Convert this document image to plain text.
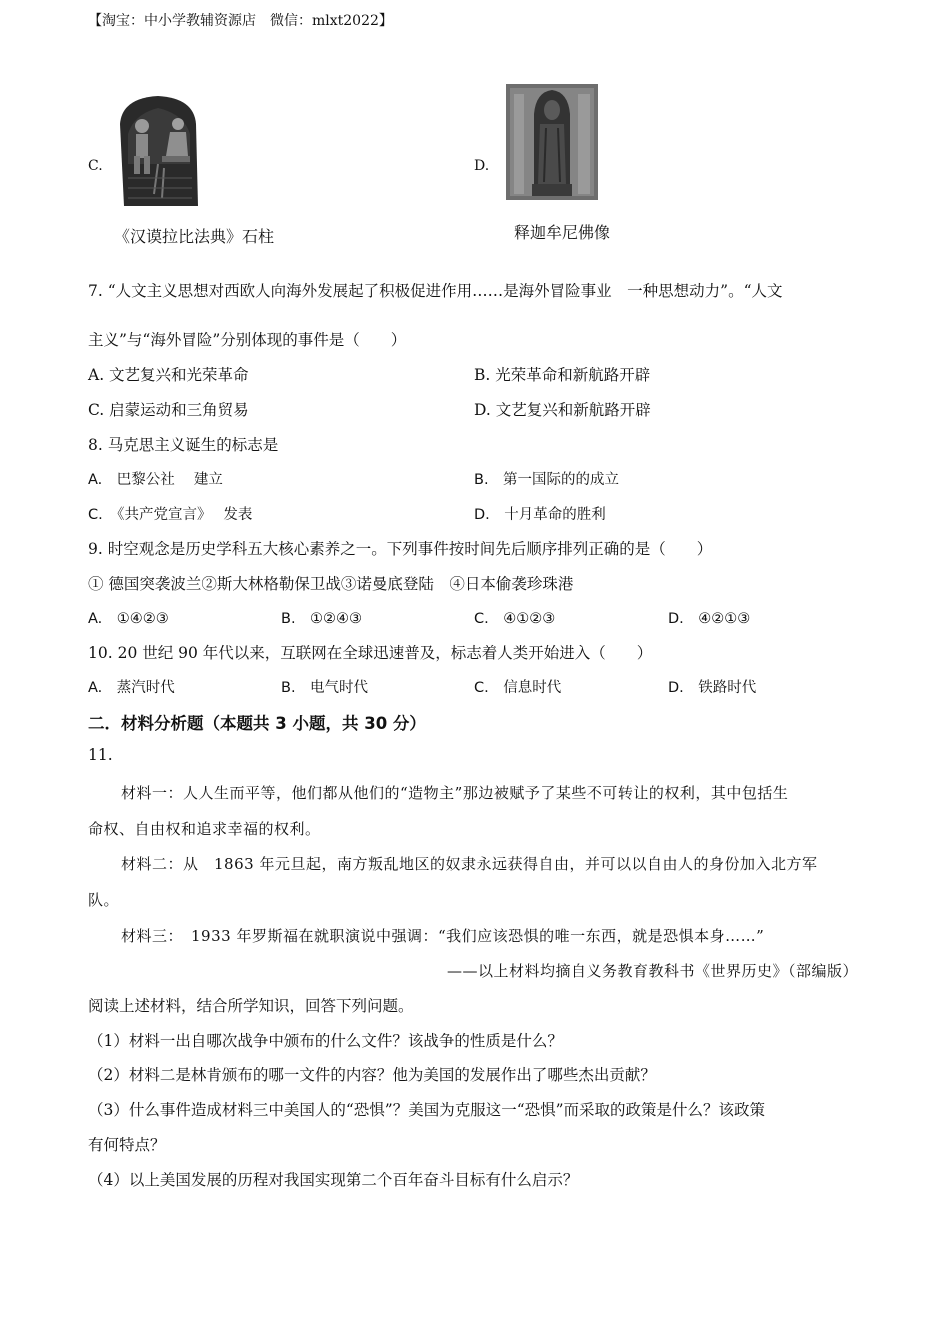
【淘宝：中小学教辅资源店　微信：mlxt2022】
C.
《汉谟拉比法典》石柱
D.
释迦牟尼佛像
7. “人文主义思想对西欧人向海外发展起了积极促进作用……是海外冒险事业　一种思想动力”。“人文
主义”与“海外冒险”分别体现的事件是（　　）
A. 文艺复兴和光荣革命	B. 光荣革命和新航路开辟
C. 启蒙运动和三角贸易	D. 文艺复兴和新航路开辟
8. 马克思主义诞生的标志是
A.　巴黎公社　 建立	B.　第一国际的的成立
C.　《共产党宣言》　 发表	D.　十月革命的胜利
9. 时空观念是历史学科五大核心素养之一。下列事件按时间先后顺序排列正确的是（　　）
① 德国突袭波兰②斯大林格勒保卫战③诺曼底登陆　④日本偷袭珍珠港
A.　①④②③	B.　①②④③	C.　④①②③	D.　④②①③
10. 20 世纪 90 年代以来，互联网在全球迅速普及，标志着人类开始进入（　　）
A.　蒸汽时代	B.　电气时代	C.　信息时代	D.　铁路时代
二．材料分析题（本题共 3 小题，共 30 分）
11.
材料一：人人生而平等，他们都从他们的“造物主”那边被赋予了某些不可转让的权利，其中包括生
命权、自由权和追求幸福的权利。
材料二：从　1863 年元旦起，南方叛乱地区的奴隶永远获得自由，并可以以自由人的身份加入北方军
队。
材料三：　1933 年罗斯福在就职演说中强调：“我们应该恐惧的唯一东西，就是恐惧本身……”
——以上材料均摘自义务教育教科书《世界历史》（部编版）
阅读上述材料，结合所学知识，回答下列问题。
（1）材料一出自哪次战争中颁布的什么文件？该战争的性质是什么？
（2）材料二是林肯颁布的哪一文件的内容？他为美国的发展作出了哪些杰出贡献？
（3）什么事件造成材料三中美国人的“恐惧”？美国为克服这一“恐惧”而采取的政策是什么？该政策
有何特点？
（4）以上美国发展的历程对我国实现第二个百年奋斗目标有什么启示？
